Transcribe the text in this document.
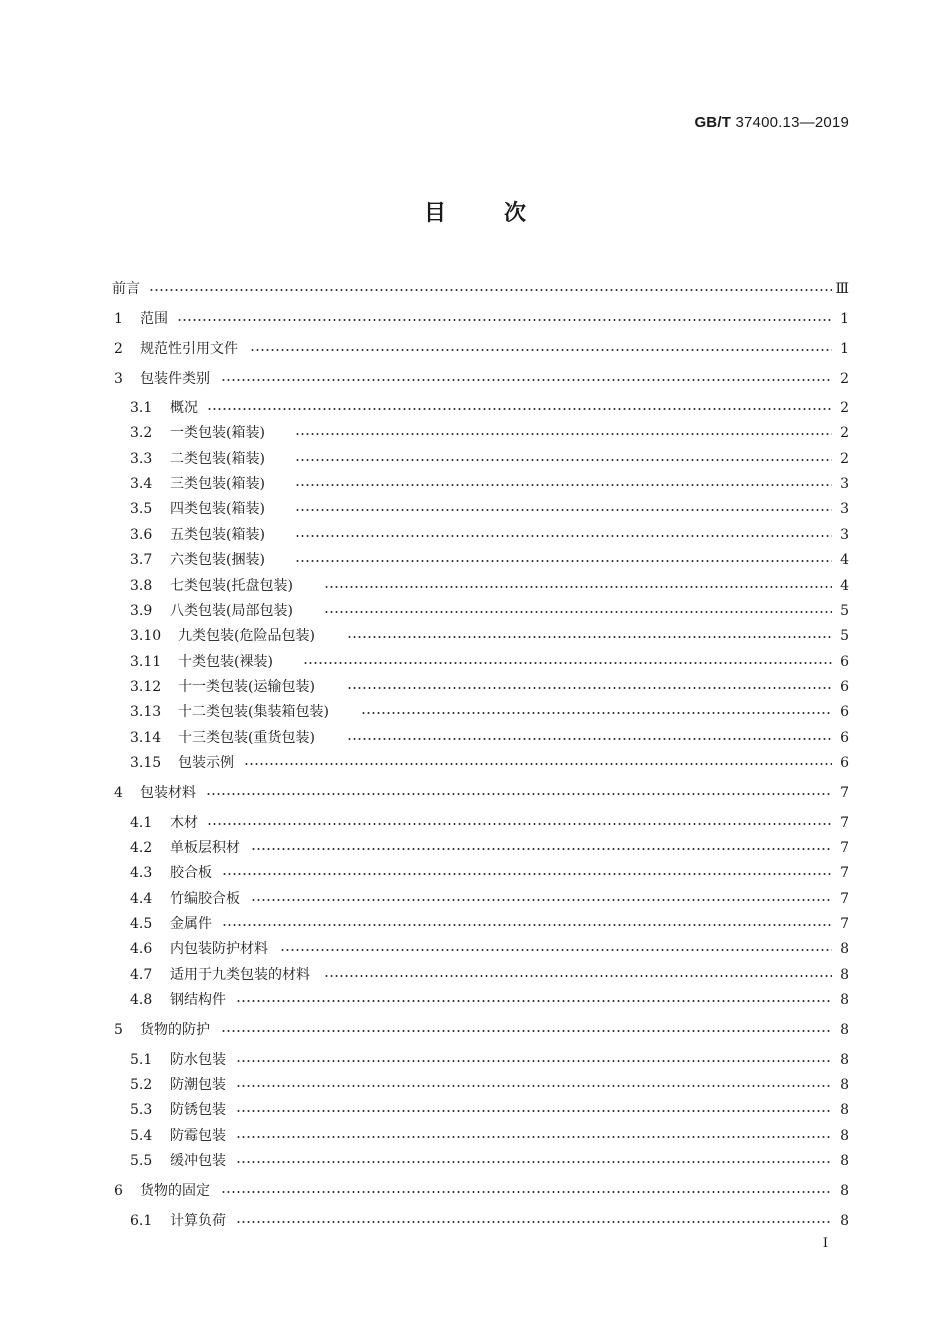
GB/T 37400.13—2019
目次
前言	Ⅲ
1 范围	1
2 规范性引用文件	1
3 包装件类别	2
3.1 概况	2
3.2 一类包装(箱装)	2
3.3 二类包装(箱装)	2
3.4 三类包装(箱装)	3
3.5 四类包装(箱装)	3
3.6 五类包装(箱装)	3
3.7 六类包装(捆装)	4
3.8 七类包装(托盘包装)	4
3.9 八类包装(局部包装)	5
3.10 九类包装(危险品包装)	5
3.11 十类包装(裸装)	6
3.12 十一类包装(运输包装)	6
3.13 十二类包装(集装箱包装)	6
3.14 十三类包装(重货包装)	6
3.15 包装示例	6
4 包装材料	7
4.1 木材	7
4.2 单板层积材	7
4.3 胶合板	7
4.4 竹编胶合板	7
4.5 金属件	7
4.6 内包装防护材料	8
4.7 适用于九类包装的材料	8
4.8 钢结构件	8
5 货物的防护	8
5.1 防水包装	8
5.2 防潮包装	8
5.3 防锈包装	8
5.4 防霉包装	8
5.5 缓冲包装	8
6 货物的固定	8
6.1 计算负荷	8
I
